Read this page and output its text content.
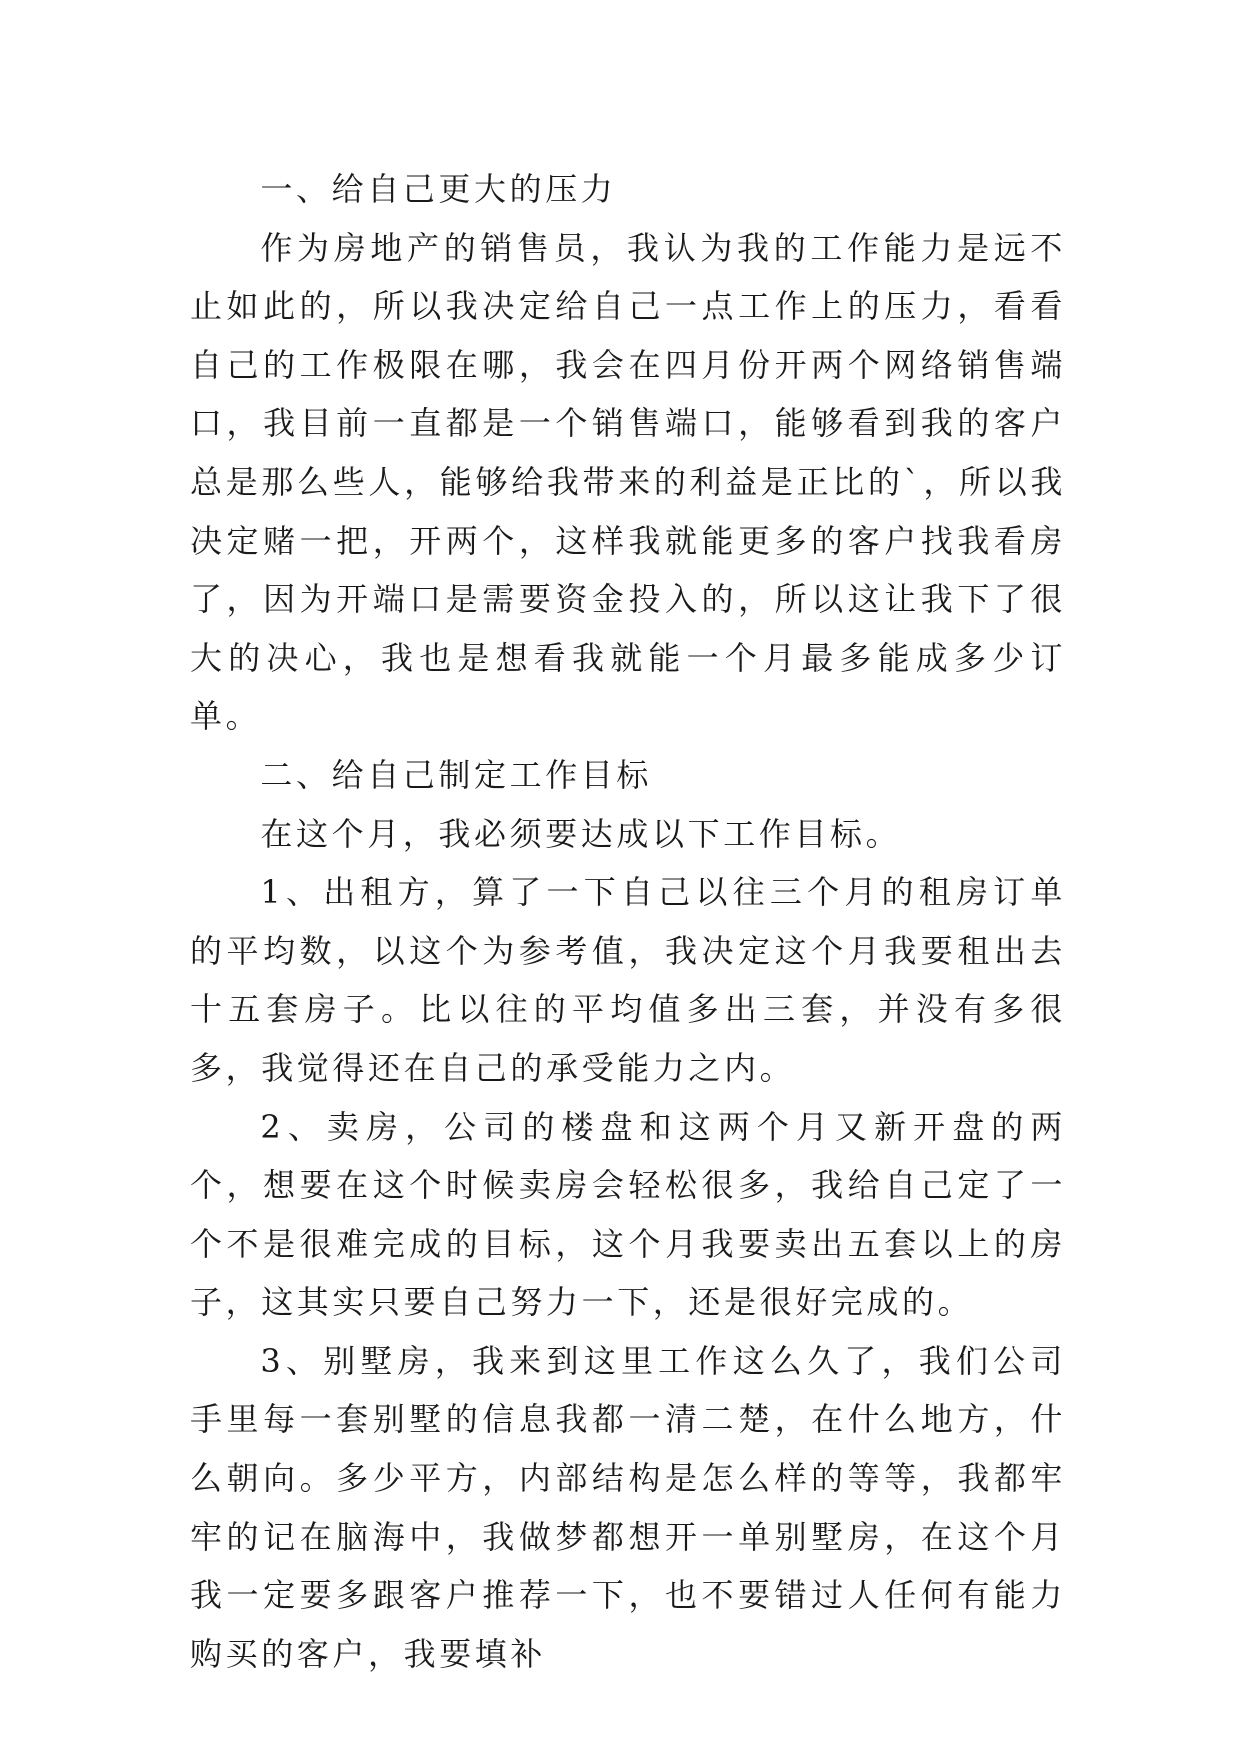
一、给自己更大的压力

作为房地产的销售员，我认为我的工作能力是远不止如此的，所以我决定给自己一点工作上的压力，看看自己的工作极限在哪，我会在四月份开两个网络销售端口，我目前一直都是一个销售端口，能够看到我的客户总是那么些人，能够给我带来的利益是正比的`，所以我决定赌一把，开两个，这样我就能更多的客户找我看房了，因为开端口是需要资金投入的，所以这让我下了很大的决心，我也是想看我就能一个月最多能成多少订单。

二、给自己制定工作目标

在这个月，我必须要达成以下工作目标。

1、出租方，算了一下自己以往三个月的租房订单的平均数，以这个为参考值，我决定这个月我要租出去十五套房子。比以往的平均值多出三套，并没有多很多，我觉得还在自己的承受能力之内。

2、卖房，公司的楼盘和这两个月又新开盘的两个，想要在这个时候卖房会轻松很多，我给自己定了一个不是很难完成的目标，这个月我要卖出五套以上的房子，这其实只要自己努力一下，还是很好完成的。

3、别墅房，我来到这里工作这么久了，我们公司手里每一套别墅的信息我都一清二楚，在什么地方，什么朝向。多少平方，内部结构是怎么样的等等，我都牢牢的记在脑海中，我做梦都想开一单别墅房，在这个月我一定要多跟客户推荐一下，也不要错过人任何有能力购买的客户，我要填补
